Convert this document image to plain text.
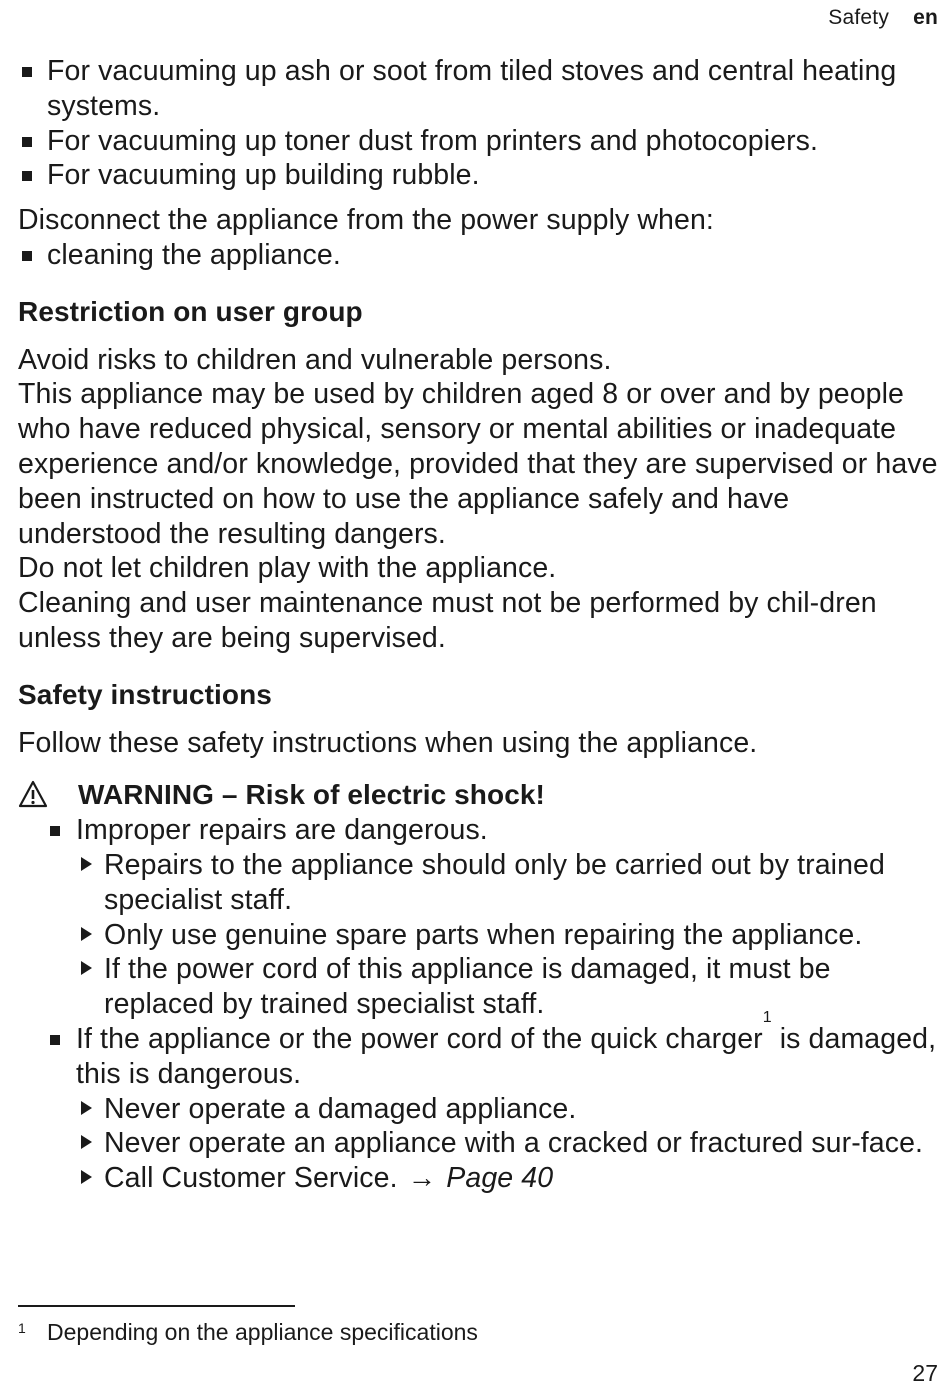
Safety en
For vacuuming up ash or soot from tiled stoves and central heating systems.
For vacuuming up toner dust from printers and photocopiers.
For vacuuming up building rubble.
Disconnect the appliance from the power supply when:
cleaning the appliance.
Restriction on user group
Avoid risks to children and vulnerable persons.
This appliance may be used by children aged 8 or over and by people who have reduced physical, sensory or mental abilities or inadequate experience and/or knowledge, provided that they are supervised or have been instructed on how to use the appliance safely and have understood the resulting dangers.
Do not let children play with the appliance.
Cleaning and user maintenance must not be performed by chil-dren unless they are being supervised.
Safety instructions
Follow these safety instructions when using the appliance.
WARNING – Risk of electric shock!
Improper repairs are dangerous.
Repairs to the appliance should only be carried out by trained specialist staff.
Only use genuine spare parts when repairing the appliance.
If the power cord of this appliance is damaged, it must be replaced by trained specialist staff.
If the appliance or the power cord of the quick charger$^1$ is damaged, this is dangerous.
Never operate a damaged appliance.
Never operate an appliance with a cracked or fractured sur-face.
Call Customer Service. → Page 40
1 Depending on the appliance specifications
27
